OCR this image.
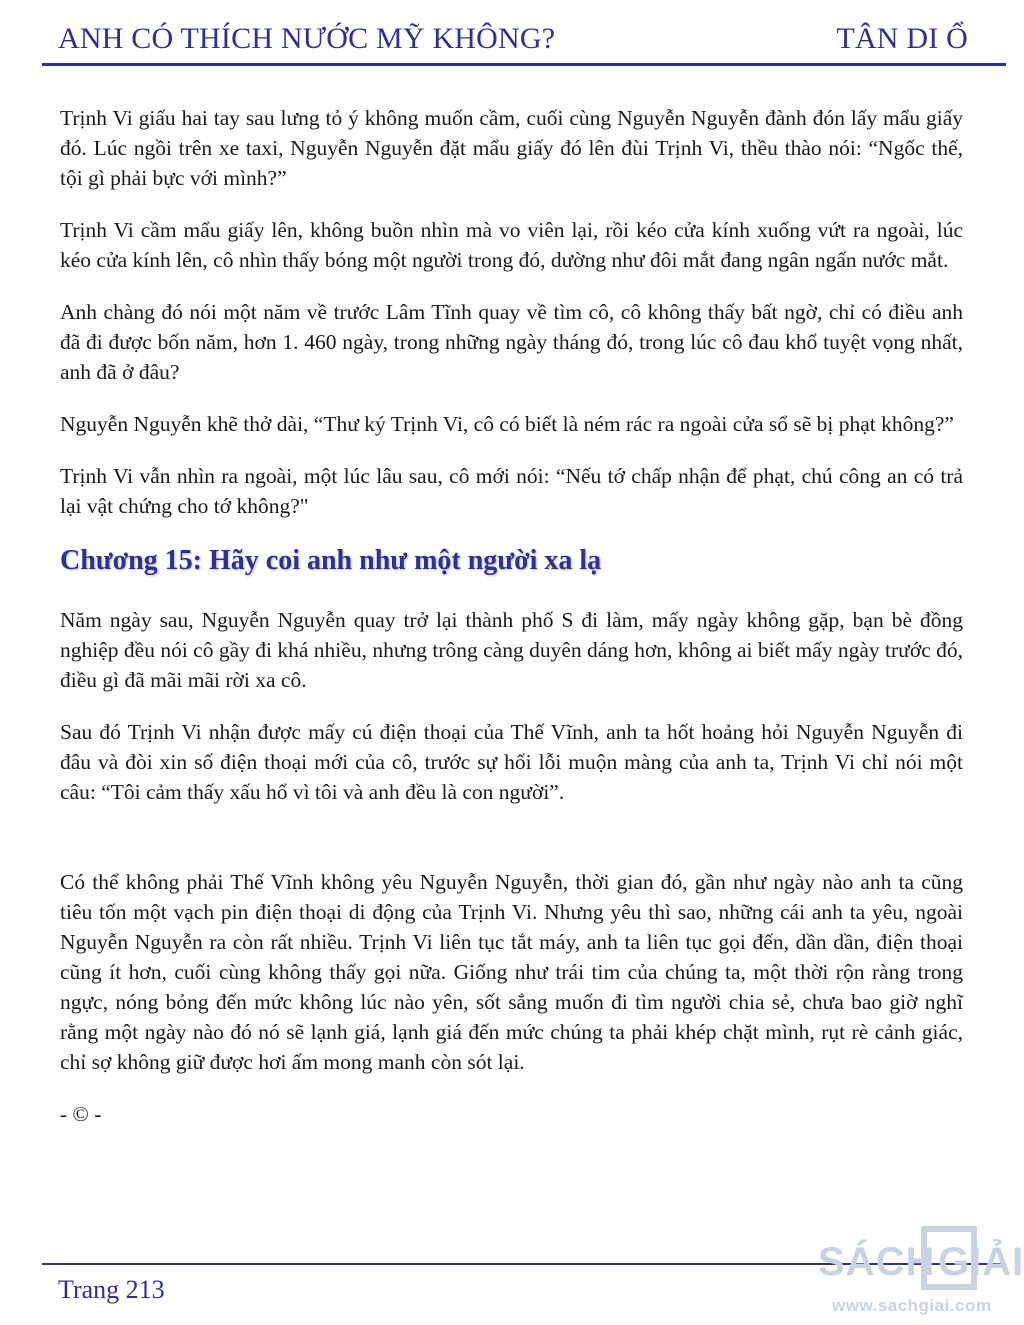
ANH CÓ THÍCH NƯỚC MỸ KHÔNG?	TÂN DI Ổ

Trịnh Vi giấu hai tay sau lưng tỏ ý không muốn cầm, cuối cùng Nguyễn Nguyễn đành đón lấy mẩu giấy đó. Lúc ngồi trên xe taxi, Nguyễn Nguyễn đặt mẩu giấy đó lên đùi Trịnh Vi, thều thào nói: “Ngốc thế, tội gì phải bực với mình?”

Trịnh Vi cầm mẩu giấy lên, không buồn nhìn mà vo viên lại, rồi kéo cửa kính xuống vứt ra ngoài, lúc kéo cửa kính lên, cô nhìn thấy bóng một người trong đó, dường như đôi mắt đang ngân ngấn nước mắt.

Anh chàng đó nói một năm về trước Lâm Tĩnh quay về tìm cô, cô không thấy bất ngờ, chỉ có điều anh đã đi được bốn năm, hơn 1. 460 ngày, trong những ngày tháng đó, trong lúc cô đau khổ tuyệt vọng nhất, anh đã ở đâu?

Nguyễn Nguyễn khẽ thở dài, “Thư ký Trịnh Vi, cô có biết là ném rác ra ngoài cửa sổ sẽ bị phạt không?”

Trịnh Vi vẫn nhìn ra ngoài, một lúc lâu sau, cô mới nói: “Nếu tớ chấp nhận để phạt, chú công an có trả lại vật chứng cho tớ không?"

Chương 15: Hãy coi anh như một người xa lạ

Năm ngày sau, Nguyễn Nguyễn quay trở lại thành phố S đi làm, mấy ngày không gặp, bạn bè đồng nghiệp đều nói cô gầy đi khá nhiều, nhưng trông càng duyên dáng hơn, không ai biết mấy ngày trước đó, điều gì đã mãi mãi rời xa cô.

Sau đó Trịnh Vi nhận được mấy cú điện thoại của Thế Vĩnh, anh ta hốt hoảng hỏi Nguyễn Nguyễn đi đâu và đòi xin số điện thoại mới của cô, trước sự hối lỗi muộn màng của anh ta, Trịnh Vi chỉ nói một câu: “Tôi cảm thấy xấu hổ vì tôi và anh đều là con người”.

Có thể không phải Thế Vĩnh không yêu Nguyễn Nguyễn, thời gian đó, gần như ngày nào anh ta cũng tiêu tốn một vạch pin điện thoại di động của Trịnh Vi. Nhưng yêu thì sao, những cái anh ta yêu, ngoài Nguyễn Nguyễn ra còn rất nhiều. Trịnh Vi liên tục tắt máy, anh ta liên tục gọi đến, dần dần, điện thoại cũng ít hơn, cuối cùng không thấy gọi nữa. Giống như trái tim của chúng ta, một thời rộn ràng trong ngực, nóng bỏng đến mức không lúc nào yên, sốt sắng muốn đi tìm người chia sẻ, chưa bao giờ nghĩ rằng một ngày nào đó nó sẽ lạnh giá, lạnh giá đến mức chúng ta phải khép chặt mình, rụt rè cảnh giác, chỉ sợ không giữ được hơi ấm mong manh còn sót lại.

- © -
Trang 213
SÁCH GIẢI
www.sachgiai.com
